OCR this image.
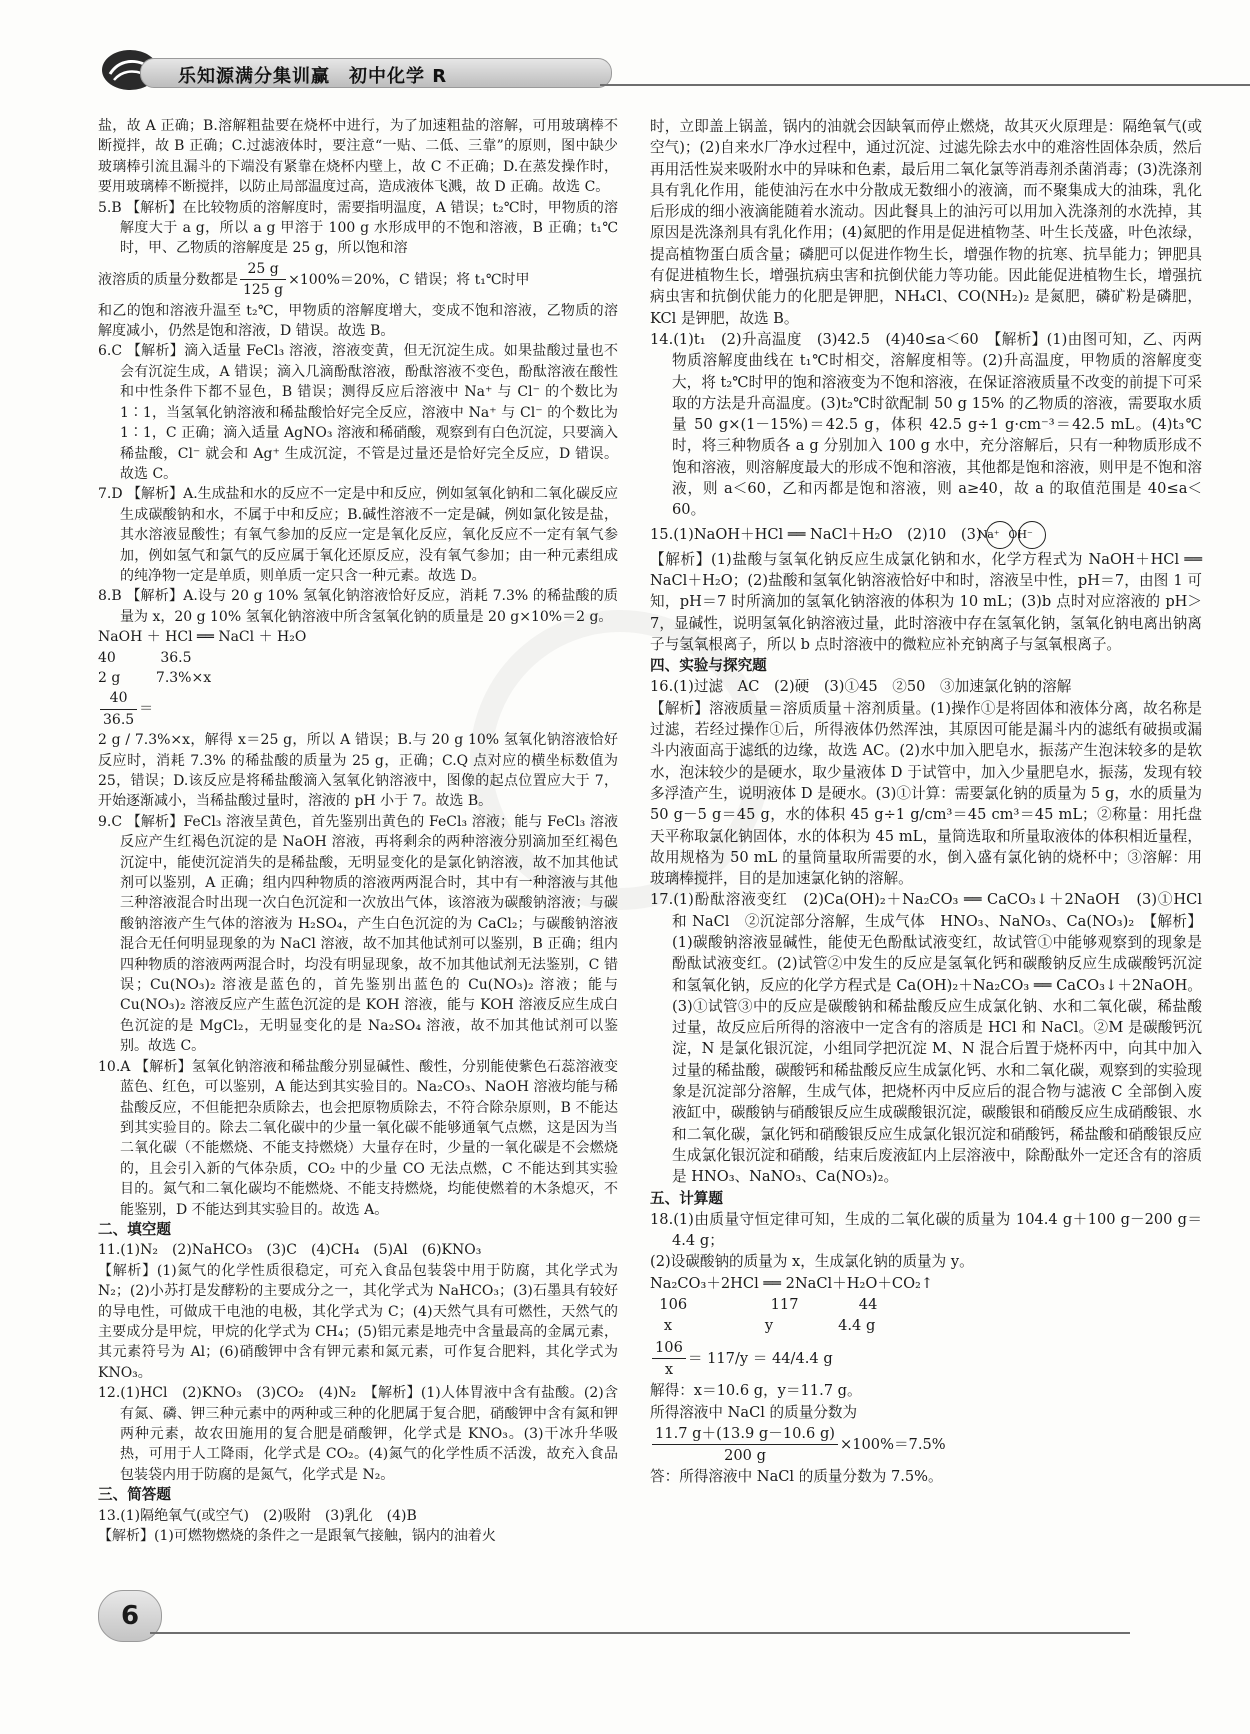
乐知源满分集训赢　初中化学 R

盐，故 A 正确；B.溶解粗盐要在烧杯中进行，为了加速粗盐的溶解，可用玻璃棒不断搅拌，故 B 正确；C.过滤液体时，要注意“一贴、二低、三靠”的原则，图中缺少玻璃棒引流且漏斗的下端没有紧靠在烧杯内壁上，故 C 不正确；D.在蒸发操作时，要用玻璃棒不断搅拌，以防止局部温度过高，造成液体飞溅，故 D 正确。故选 C。

5.B 【解析】在比较物质的溶解度时，需要指明温度，A 错误；t₂℃时，甲物质的溶解度大于 a g，所以 a g 甲溶于 100 g 水形成甲的不饱和溶液，B 正确；t₁℃时，甲、乙物质的溶解度是 25 g，所以饱和溶

液溶质的质量分数都是 $\frac{25 g}{125 g} \times 100\%=20\%$，C 错误；将 t₁℃时甲

和乙的饱和溶液升温至 t₂℃，甲物质的溶解度增大，变成不饱和溶液，乙物质的溶解度减小，仍然是饱和溶液，D 错误。故选 B。

6.C 【解析】滴入适量 FeCl₃ 溶液，溶液变黄，但无沉淀生成。如果盐酸过量也不会有沉淀生成，A 错误；滴入几滴酚酞溶液，酚酞溶液不变色，酚酞溶液在酸性和中性条件下都不显色，B 错误；测得反应后溶液中 Na⁺ 与 Cl⁻ 的个数比为 1∶1，当氢氧化钠溶液和稀盐酸恰好完全反应，溶液中 Na⁺ 与 Cl⁻ 的个数比为 1∶1，C 正确；滴入适量 AgNO₃ 溶液和稀硝酸，观察到有白色沉淀，只要滴入稀盐酸，Cl⁻ 就会和 Ag⁺ 生成沉淀，不管是过量还是恰好完全反应，D 错误。故选 C。

7.D 【解析】A.生成盐和水的反应不一定是中和反应，例如氢氧化钠和二氧化碳反应生成碳酸钠和水，不属于中和反应；B.碱性溶液不一定是碱，例如氯化铵是盐，其水溶液显酸性；有氧气参加的反应一定是氧化反应，氧化反应不一定有氧气参加，例如氢气和氯气的反应属于氧化还原反应，没有氧气参加；由一种元素组成的纯净物一定是单质，则单质一定只含一种元素。故选 D。

8.B 【解析】A.设与 20 g 10% 氢氧化钠溶液恰好反应，消耗 7.3% 的稀盐酸的质量为 x，20 g 10% 氢氧化钠溶液中所含氢氧化钠的质量是 20 g×10%＝2 g。

NaOH ＋ HCl ══ NaCl ＋ H₂O

40          36.5

2 g        7.3%×x

$\frac{40}{36.5}$ ＝

2 g / 7.3%×x，解得 x＝25 g，所以 A 错误；B.与 20 g 10% 氢氧化钠溶液恰好反应时，消耗 7.3% 的稀盐酸的质量为 25 g，正确；C.Q 点对应的横坐标数值为 25，错误；D.该反应是将稀盐酸滴入氢氧化钠溶液中，图像的起点位置应大于 7，开始逐渐减小，当稀盐酸过量时，溶液的 pH 小于 7。故选 B。

9.C 【解析】FeCl₃ 溶液呈黄色，首先鉴别出黄色的 FeCl₃ 溶液；能与 FeCl₃ 溶液反应产生红褐色沉淀的是 NaOH 溶液，再将剩余的两种溶液分别滴加至红褐色沉淀中，能使沉淀消失的是稀盐酸，无明显变化的是氯化钠溶液，故不加其他试剂可以鉴别，A 正确；组内四种物质的溶液两两混合时，其中有一种溶液与其他三种溶液混合时出现一次白色沉淀和一次放出气体，该溶液为碳酸钠溶液；与碳酸钠溶液产生气体的溶液为 H₂SO₄，产生白色沉淀的为 CaCl₂；与碳酸钠溶液混合无任何明显现象的为 NaCl 溶液，故不加其他试剂可以鉴别，B 正确；组内四种物质的溶液两两混合时，均没有明显现象，故不加其他试剂无法鉴别，C 错误；Cu(NO₃)₂ 溶液是蓝色的，首先鉴别出蓝色的 Cu(NO₃)₂ 溶液；能与 Cu(NO₃)₂ 溶液反应产生蓝色沉淀的是 KOH 溶液，能与 KOH 溶液反应生成白色沉淀的是 MgCl₂，无明显变化的是 Na₂SO₄ 溶液，故不加其他试剂可以鉴别。故选 C。

10.A 【解析】氢氧化钠溶液和稀盐酸分别显碱性、酸性，分别能使紫色石蕊溶液变蓝色、红色，可以鉴别，A 能达到其实验目的。Na₂CO₃、NaOH 溶液均能与稀盐酸反应，不但能把杂质除去，也会把原物质除去，不符合除杂原则，B 不能达到其实验目的。除去二氧化碳中的少量一氧化碳不能够通氧气点燃，这是因为当二氧化碳（不能燃烧、不能支持燃烧）大量存在时，少量的一氧化碳是不会燃烧的，且会引入新的气体杂质，CO₂ 中的少量 CO 无法点燃，C 不能达到其实验目的。氮气和二氧化碳均不能燃烧、不能支持燃烧，均能使燃着的木条熄灭，不能鉴别，D 不能达到其实验目的。故选 A。

二、填空题

11.(1)N₂　(2)NaHCO₃　(3)C　(4)CH₄　(5)Al　(6)KNO₃

【解析】(1)氮气的化学性质很稳定，可充入食品包装袋中用于防腐，其化学式为 N₂；(2)小苏打是发酵粉的主要成分之一，其化学式为 NaHCO₃；(3)石墨具有较好的导电性，可做成干电池的电极，其化学式为 C；(4)天然气具有可燃性，天然气的主要成分是甲烷，甲烷的化学式为 CH₄；(5)铝元素是地壳中含量最高的金属元素，其元素符号为 Al；(6)硝酸钾中含有钾元素和氮元素，可作复合肥料，其化学式为 KNO₃。

12.(1)HCl　(2)KNO₃　(3)CO₂　(4)N₂　【解析】(1)人体胃液中含有盐酸。(2)含有氮、磷、钾三种元素中的两种或三种的化肥属于复合肥，硝酸钾中含有氮和钾两种元素，故农田施用的复合肥是硝酸钾，化学式是 KNO₃。(3)干冰升华吸热，可用于人工降雨，化学式是 CO₂。(4)氮气的化学性质不活泼，故充入食品包装袋内用于防腐的是氮气，化学式是 N₂。

三、简答题

13.(1)隔绝氧气(或空气)　(2)吸附　(3)乳化　(4)B

【解析】(1)可燃物燃烧的条件之一是跟氧气接触，锅内的油着火

时，立即盖上锅盖，锅内的油就会因缺氧而停止燃烧，故其灭火原理是：隔绝氧气(或空气)；(2)自来水厂净水过程中，通过沉淀、过滤先除去水中的难溶性固体杂质，然后再用活性炭来吸附水中的异味和色素，最后用二氧化氯等消毒剂杀菌消毒；(3)洗涤剂具有乳化作用，能使油污在水中分散成无数细小的液滴，而不聚集成大的油珠，乳化后形成的细小液滴能随着水流动。因此餐具上的油污可以用加入洗涤剂的水洗掉，其原因是洗涤剂具有乳化作用；(4)氮肥的作用是促进植物茎、叶生长茂盛，叶色浓绿，提高植物蛋白质含量；磷肥可以促进作物生长，增强作物的抗寒、抗旱能力；钾肥具有促进植物生长，增强抗病虫害和抗倒伏能力等功能。因此能促进植物生长，增强抗病虫害和抗倒伏能力的化肥是钾肥，NH₄Cl、CO(NH₂)₂ 是氮肥，磷矿粉是磷肥，KCl 是钾肥，故选 B。

14.(1)t₁　(2)升高温度　(3)42.5　(4)40≤a＜60　【解析】(1)由图可知，乙、丙两物质溶解度曲线在 t₁℃时相交，溶解度相等。(2)升高温度，甲物质的溶解度变大，将 t₂℃时甲的饱和溶液变为不饱和溶液，在保证溶液质量不改变的前提下可采取的方法是升高温度。(3)t₂℃时欲配制 50 g 15% 的乙物质的溶液，需要取水质量 50 g×(1－15%)＝42.5 g，体积 42.5 g÷1 g·cm⁻³＝42.5 mL。(4)t₃℃时，将三种物质各 a g 分别加入 100 g 水中，充分溶解后，只有一种物质形成不饱和溶液，则溶解度最大的形成不饱和溶液，其他都是饱和溶液，则甲是不饱和溶液，则 a＜60，乙和丙都是饱和溶液，则 a≥40，故 a 的取值范围是 40≤a＜60。

15.(1)NaOH＋HCl ══ NaCl＋H₂O　(2)10　(3)Na⁺ OH⁻

【解析】(1)盐酸与氢氧化钠反应生成氯化钠和水，化学方程式为 NaOH＋HCl ══ NaCl＋H₂O；(2)盐酸和氢氧化钠溶液恰好中和时，溶液呈中性，pH＝7，由图 1 可知，pH＝7 时所滴加的氢氧化钠溶液的体积为 10 mL；(3)b 点时对应溶液的 pH＞7，显碱性，说明氢氧化钠溶液过量，此时溶液中存在氢氧化钠，氢氧化钠电离出钠离子与氢氧根离子，所以 b 点时溶液中的微粒应补充钠离子与氢氧根离子。

四、实验与探究题

16.(1)过滤　AC　(2)硬　(3)①45　②50　③加速氯化钠的溶解

【解析】溶液质量＝溶质质量＋溶剂质量。(1)操作①是将固体和液体分离，故名称是过滤，若经过操作①后，所得液体仍然浑浊，其原因可能是漏斗内的滤纸有破损或漏斗内液面高于滤纸的边缘，故选 AC。(2)水中加入肥皂水，振荡产生泡沫较多的是软水，泡沫较少的是硬水，取少量液体 D 于试管中，加入少量肥皂水，振荡，发现有较多浮渣产生，说明液体 D 是硬水。(3)①计算：需要氯化钠的质量为 5 g，水的质量为 50 g－5 g＝45 g，水的体积 45 g÷1 g/cm³＝45 cm³＝45 mL；②称量：用托盘天平称取氯化钠固体，水的体积为 45 mL，量筒选取和所量取液体的体积相近量程，故用规格为 50 mL 的量筒量取所需要的水，倒入盛有氯化钠的烧杯中；③溶解：用玻璃棒搅拌，目的是加速氯化钠的溶解。

17.(1)酚酞溶液变红　(2)Ca(OH)₂＋Na₂CO₃ ══ CaCO₃↓＋2NaOH　(3)①HCl 和 NaCl　②沉淀部分溶解，生成气体　HNO₃、NaNO₃、Ca(NO₃)₂　【解析】(1)碳酸钠溶液显碱性，能使无色酚酞试液变红，故试管①中能够观察到的现象是酚酞试液变红。(2)试管②中发生的反应是氢氧化钙和碳酸钠反应生成碳酸钙沉淀和氢氧化钠，反应的化学方程式是 Ca(OH)₂＋Na₂CO₃ ══ CaCO₃↓＋2NaOH。(3)①试管③中的反应是碳酸钠和稀盐酸反应生成氯化钠、水和二氧化碳，稀盐酸过量，故反应后所得的溶液中一定含有的溶质是 HCl 和 NaCl。②M 是碳酸钙沉淀，N 是氯化银沉淀，小组同学把沉淀 M、N 混合后置于烧杯丙中，向其中加入过量的稀盐酸，碳酸钙和稀盐酸反应生成氯化钙、水和二氧化碳，观察到的实验现象是沉淀部分溶解，生成气体，把烧杯丙中反应后的混合物与滤液 C 全部倒入废液缸中，碳酸钠与硝酸银反应生成碳酸银沉淀，碳酸银和硝酸反应生成硝酸银、水和二氧化碳，氯化钙和硝酸银反应生成氯化银沉淀和硝酸钙，稀盐酸和硝酸银反应生成氯化银沉淀和硝酸，结束后废液缸内上层溶液中，除酚酞外一定还含有的溶质是 HNO₃、NaNO₃、Ca(NO₃)₂。

五、计算题

18.(1)由质量守恒定律可知，生成的二氧化碳的质量为 104.4 g＋100 g－200 g＝4.4 g；

(2)设碳酸钠的质量为 x，生成氯化钠的质量为 y。

Na₂CO₃＋2HCl ══ 2NaCl＋H₂O＋CO₂↑

106                  117             44

x                    y              4.4 g

$\frac{106}{x} = 117/y = 44/4.4$ g

解得：x＝10.6 g，y＝11.7 g。

所得溶液中 NaCl 的质量分数为

$\frac{11.7 g+(13.9 g-10.6 g)}{200 g} \times 100\%=7.5\%$

答：所得溶液中 NaCl 的质量分数为 7.5%。

6
